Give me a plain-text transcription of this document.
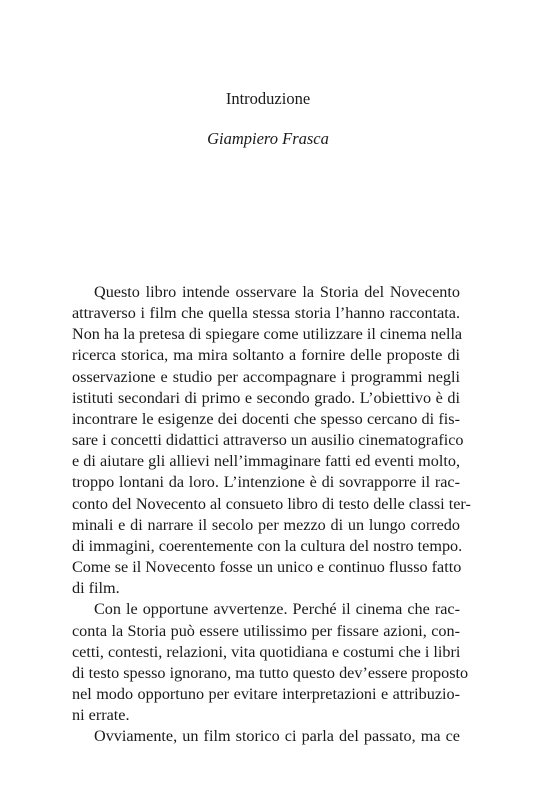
Introduzione
Giampiero Frasca

Questo libro intende osservare la Storia del Novecento
attraverso i film che quella stessa storia l’hanno raccontata.
Non ha la pretesa di spiegare come utilizzare il cinema nella
ricerca storica, ma mira soltanto a fornire delle proposte di
osservazione e studio per accompagnare i programmi negli
istituti secondari di primo e secondo grado. L’obiettivo è di
incontrare le esigenze dei docenti che spesso cercano di fis-
sare i concetti didattici attraverso un ausilio cinematografico
e di aiutare gli allievi nell’immaginare fatti ed eventi molto,
troppo lontani da loro. L’intenzione è di sovrapporre il rac-
conto del Novecento al consueto libro di testo delle classi ter-
minali e di narrare il secolo per mezzo di un lungo corredo
di immagini, coerentemente con la cultura del nostro tempo.
Come se il Novecento fosse un unico e continuo flusso fatto
di film.

Con le opportune avvertenze. Perché il cinema che rac-
conta la Storia può essere utilissimo per fissare azioni, con-
cetti, contesti, relazioni, vita quotidiana e costumi che i libri
di testo spesso ignorano, ma tutto questo dev’essere proposto
nel modo opportuno per evitare interpretazioni e attribuzio-
ni errate.

Ovviamente, un film storico ci parla del passato, ma ce
